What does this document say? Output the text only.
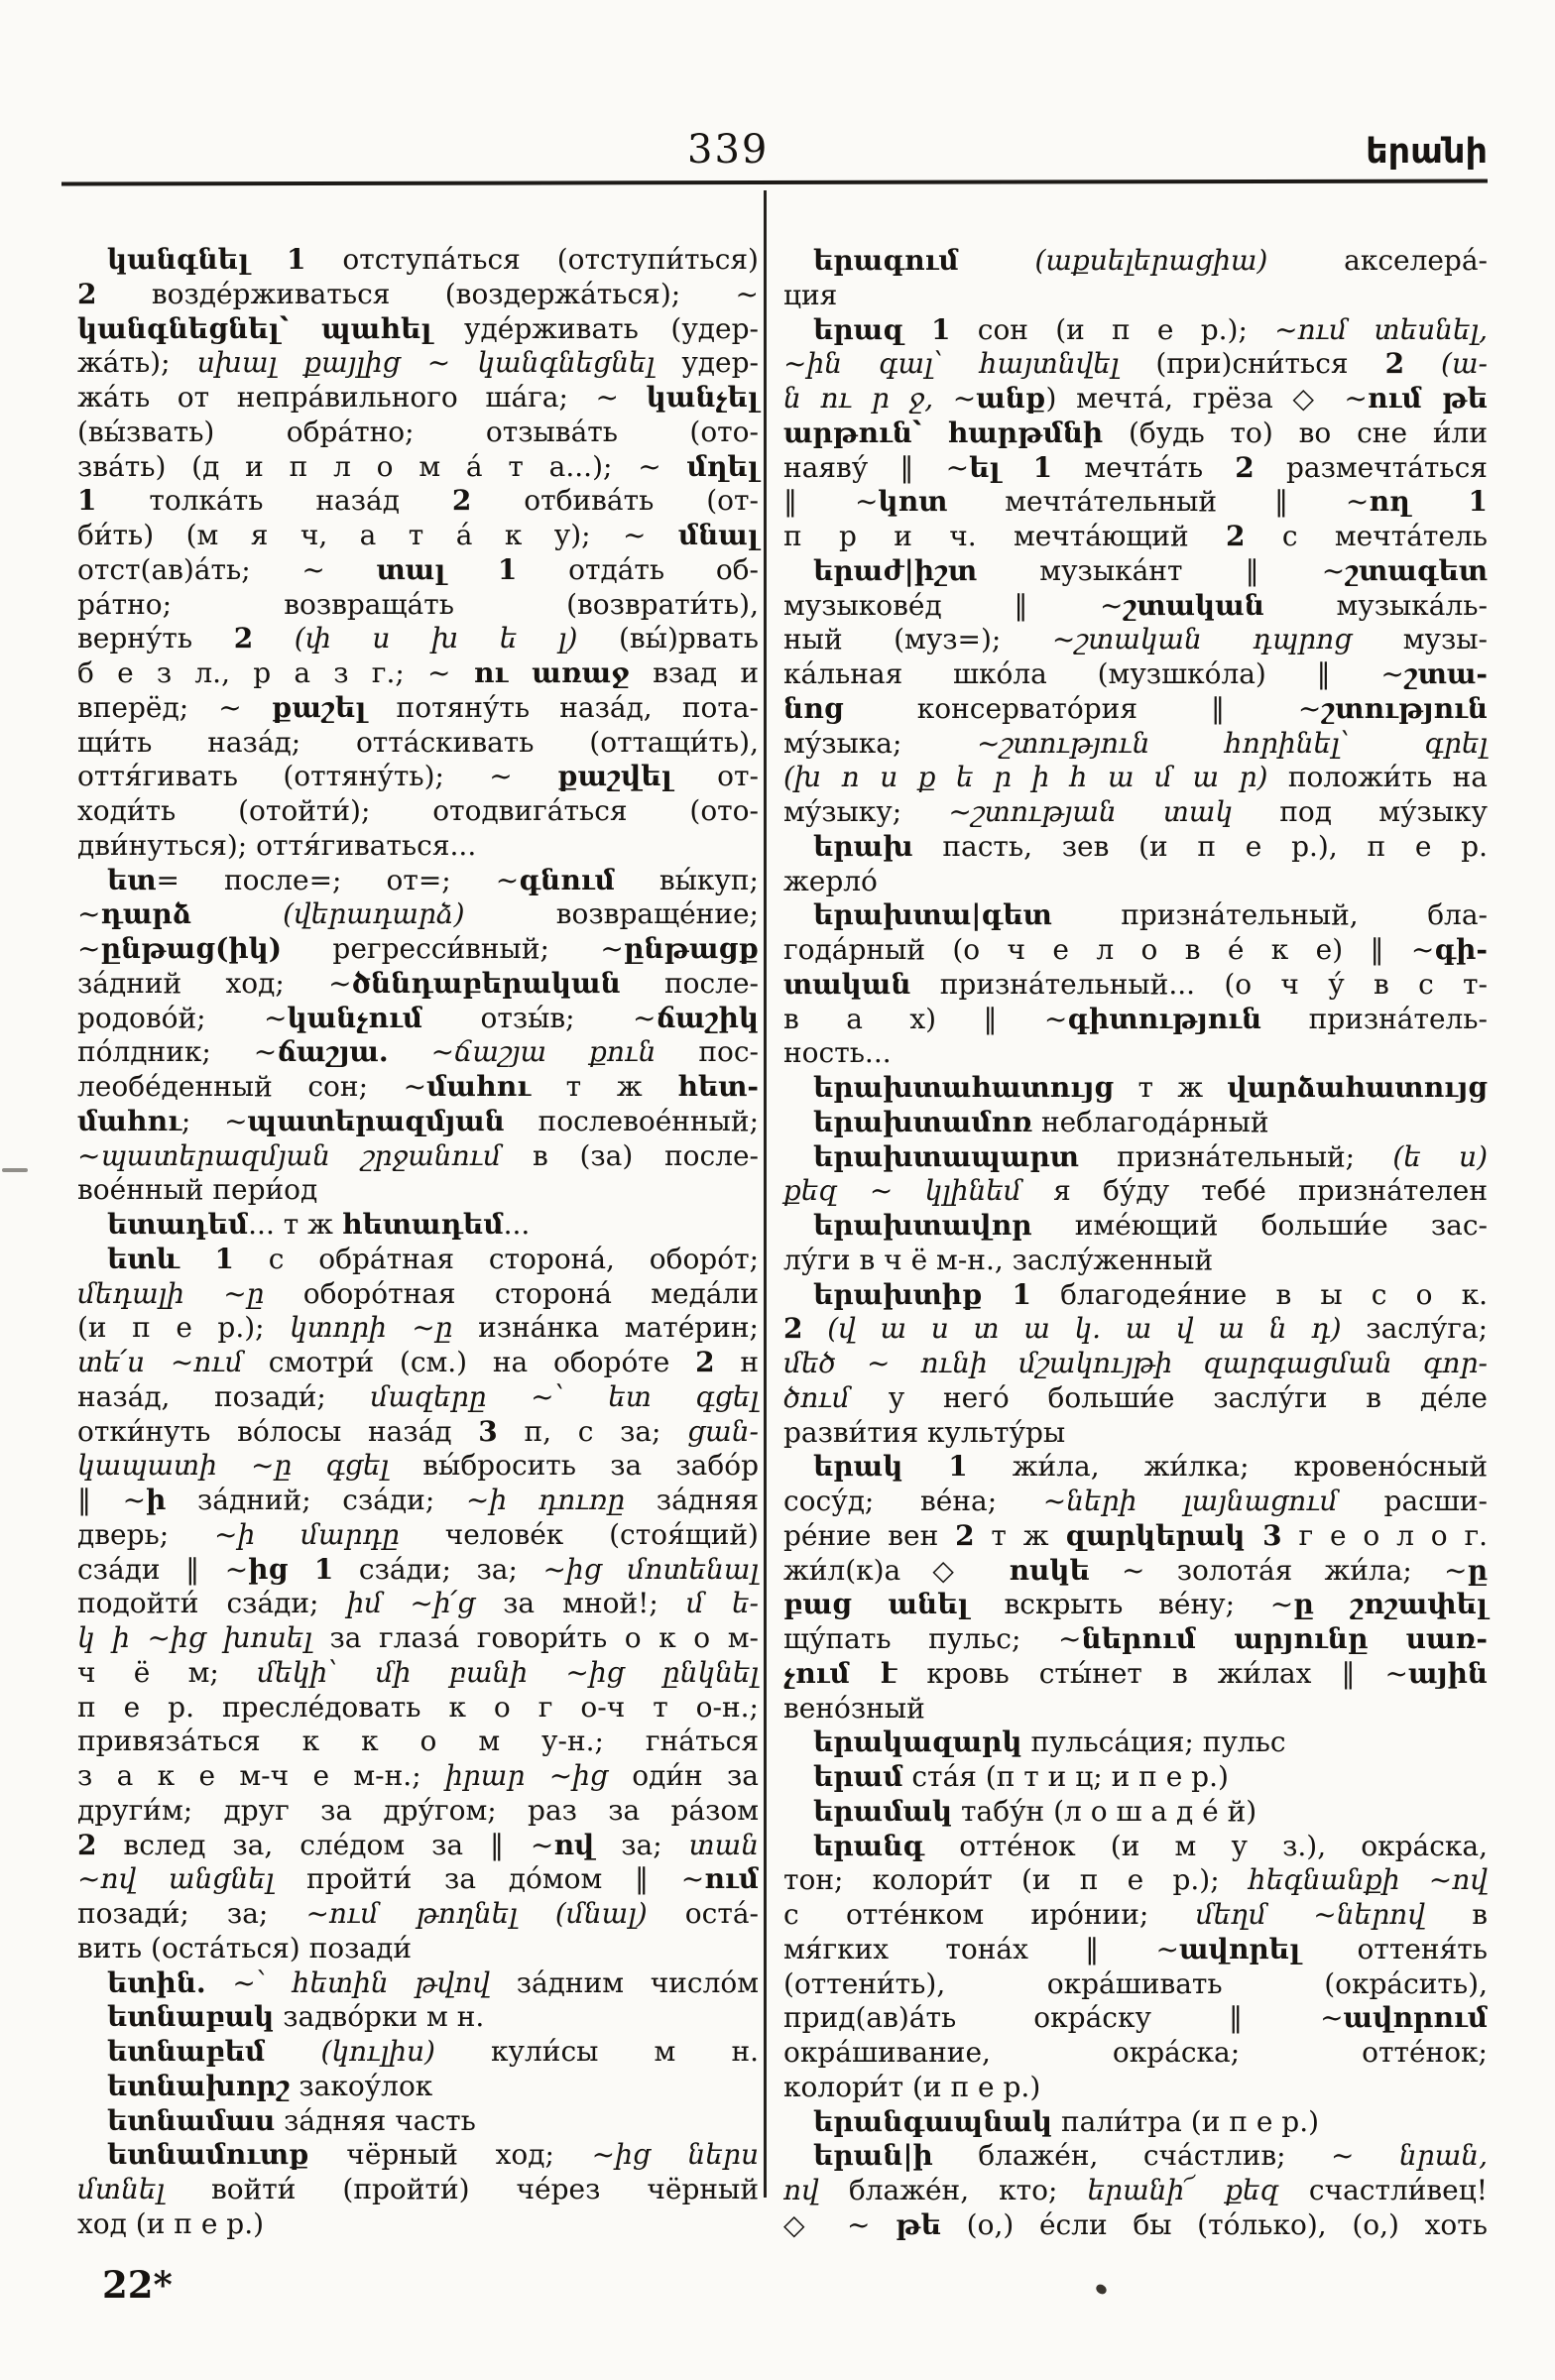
339	երանի
կանգնել 1 отступа́ться (отступи́ться)
2 возде́рживаться (воздержа́ться); ~
կանգնեցնել՝ պահել уде́рживать (удер-
жа́ть); սխալ քայլից ~ կանգնեցնել удер-
жа́ть от непра́вильного ша́га; ~ կանչել
(вы́звать) обра́тно; отзыва́ть (ото-
зва́ть) (д и п л о м а́ т а...); ~ մղել
1 толка́ть наза́д 2 отбива́ть (от-
би́ть) (м я ч, а т а́ к у); ~ մնալ
отст(ав)а́ть; ~ տալ 1 отда́ть об-
ра́тно; возвраща́ть (возврати́ть),
верну́ть 2 (փ ս խ ե լ) (вы́)рвать
б е з л., р а з г.; ~ ու առաջ взад и
вперёд; ~ քաշել потяну́ть наза́д, пота-
щи́ть наза́д; отта́скивать (оттащи́ть),
оття́гивать (оттяну́ть); ~ քաշվել от-
ходи́ть (отойти́); отодвига́ться (ото-
дви́нуться); оття́гиваться...
ետ= после=; от=; ~գնում вы́куп;
~դարձ	(վերադարձ) возвраще́ние;
~ընթաց(իկ) регресси́вный; ~ընթացք
за́дний ход; ~ծննդաբերական после-
родово́й; ~կանչում отзы́в; ~ճաշիկ
по́лдник; ~ճաշյա. ~ճաշյա քուն пос-
леобе́денный сон; ~մահու т ж հետ-
մահու; ~պատերազմյան послевое́нный;
~պատերազմյան շրջանում в (за) после-
вое́нный пери́од
ետադեմ... т ж հետադեմ...
ետև 1 с обра́тная сторона́, оборо́т;
մեդալի ~ը оборо́тная сторона́ меда́ли
(и п е р.); կտորի ~ը изна́нка мате́рин;
տե՛ս ~ում смотри́ (см.) на оборо́те 2 н
наза́д, позади́; մազերը ~՝ ետ գցել
отки́нуть во́лосы наза́д 3 п, с за; ցան-
կապատի ~ը գցել вы́бросить за забо́р
‖ ~ի за́дний; сза́ди; ~ի դուռը за́дняя
дверь; ~ի մարդը челове́к (стоя́щий)
сза́ди ‖ ~ից 1 сза́ди; за; ~ից մոտենալ
подойти́ сза́ди; իմ ~ի՛ց за мной!; մ ե-
կ ի ~ից խոսել за глаза́ говори́ть о к о м-
ч ё м; մեկի՝ մի բանի ~ից ընկնել
п е р. пресле́довать к о г о-ч т о-н.;
привяза́ться к к о м у-н.; гна́ться
з а к е м-ч е м-н.; իրար ~ից оди́н за
други́м; друг за дру́гом; раз за ра́зом
2 вслед за, сле́дом за ‖ ~ով за; տան
~ով անցնել пройти́ за до́мом ‖ ~ում
позади́; за; ~ում թողնել (մնալ) оста́-
вить (оста́ться) позади́
ետին. ~՝ հետին թվով за́дним число́м
ետնաբակ задво́рки м н.
ետնաբեմ (կուլիս) кули́сы м н.
ետնախորշ закоу́лок
ետնամաս за́дняя часть
ետնամուտք чёрный ход; ~ից ներս
մտնել войти́ (пройти́) че́рез чёрный
ход (и п е р.)
երագում	(աքսելերացիա) акселера́-
ция
երազ 1 сон (и п е р.); ~ում տեսնել,
~ին գալ՝ հայտնվել (при)сни́ться 2 (ա-
ն ու ր ջ, ~անք) мечта́, грёза ◇ ~ում թե
արթուն՝ հարթմնի (будь то) во сне и́ли
наяву́ ‖ ~ել 1 мечта́ть 2 размечта́ться
‖ ~կոտ мечта́тельный ‖ ~ող 1
п р и ч. мечта́ющий 2 с мечта́тель
երաժ|իշտ музыка́нт ‖ ~շտագետ
музыкове́д ‖ ~շտական музыка́ль-
ный (муз=); ~շտական դպրոց музы-
ка́льная шко́ла (музшко́ла) ‖ ~շտա-
նոց консервато́рия ‖ ~շտություն
му́зыка; ~շտություն հորինել՝ գրել
(խ ո ս ք ե ր ի հ ա մ ա ր) положи́ть на
му́зыку; ~շտության տակ под му́зыку
երախ пасть, зев (и п е р.), п е р.
жерло́
երախտա|գետ призна́тельный, бла-
года́рный (о ч е л о в е́ к е) ‖ ~գի-
տական призна́тельный... (о ч у́ в с т-
в а х) ‖ ~գիտություն призна́тель-
ность...
երախտահատույց т ж վարձահատույց
երախտամոռ неблагода́рный
երախտապարտ призна́тельный; (ե ս)
քեզ ~ կլինեմ я бу́ду тебе́ призна́телен
երախտավոր име́ющий больши́е зас-
лу́ги в ч ё м-н., заслу́женный
երախտիք 1 благодея́ние в ы с о к.
2 (վ ա ս տ ա կ. ա վ ա ն դ) заслу́га;
մեծ ~ ունի մշակույթի զարգացման գոր-
ծում у него́ больши́е заслу́ги в де́ле
разви́тия культу́ры
երակ 1 жи́ла, жи́лка; кровено́сный
сосу́д; ве́на; ~ների լայնացում расши-
ре́ние вен 2 т ж զարկերակ 3 г е о л о г.
жи́л(к)а ◇ ոսկե ~ золота́я жи́ла; ~ը
բաց անել вскрыть ве́ну; ~ը շոշափել
щу́пать пульс; ~ներում արյունը սառ-
չում է кровь сты́нет в жи́лах ‖ ~ային
вено́зный
երակազարկ пульса́ция; пульс
երամ ста́я (п т и ц; и п е р.)
երամակ табу́н (л о ш а д е́ й)
երանգ отте́нок (и м у з.), окра́ска,
тон; колори́т (и п е р.); հեգնանքի ~ով
с отте́нком иро́нии; մեղմ ~ներով в
мя́гких тона́х ‖ ~ավորել оттеня́ть
(оттени́ть), окра́шивать (окра́сить),
прид(ав)а́ть окра́ску ‖ ~ավորում
окра́шивание, окра́ска; отте́нок;
колори́т (и п е р.)
երանգապնակ пали́тра (и п е р.)
երան|ի блаже́н, сча́стлив; ~ նրան,
ով блаже́н, кто; երանի՜ քեզ счастли́вец!
◇ ~ թե (о,) е́сли бы (то́лько), (о,) хоть
22*
